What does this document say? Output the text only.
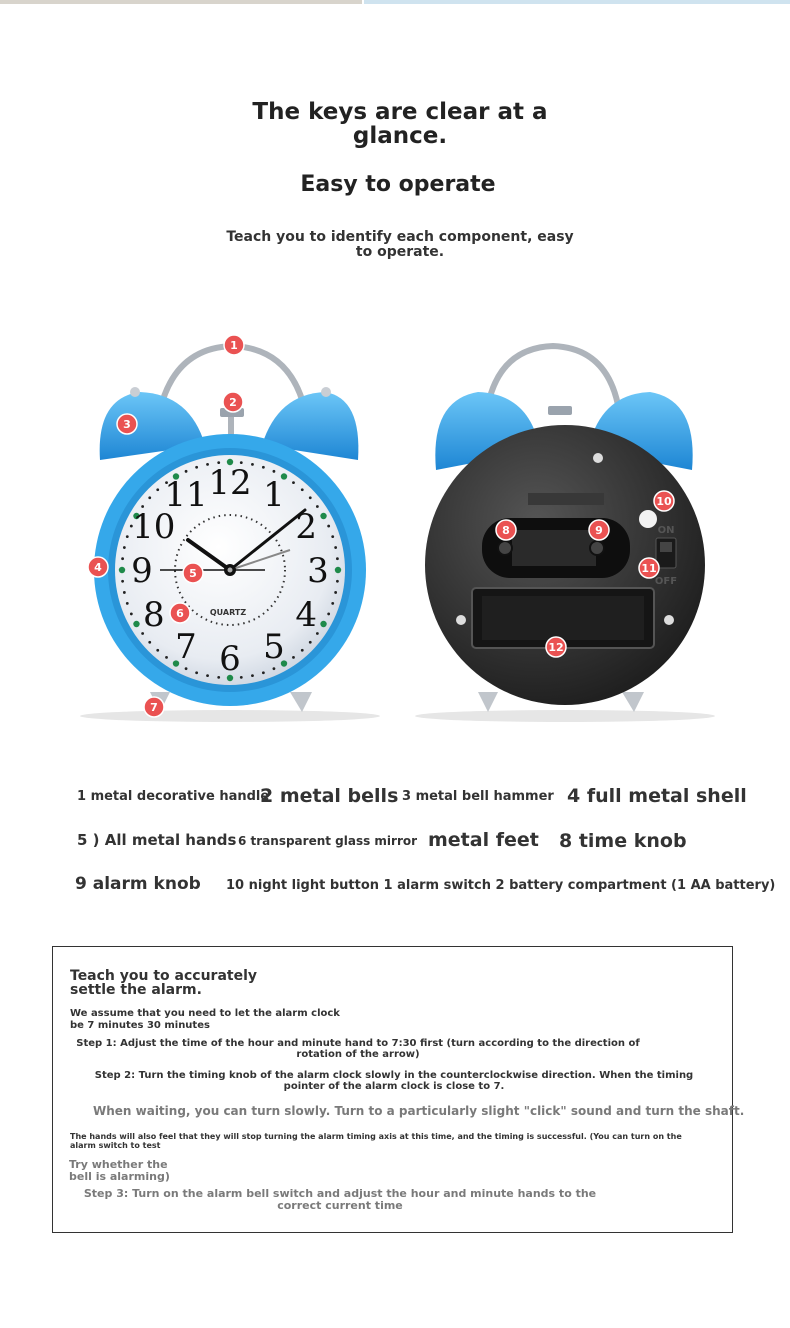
The keys are clear at a glance.
Easy to operate
Teach you to identify each component, easy to operate.
12 1
2
3
4
5
6
7
8
9
10
11
QUARTZ
ON
OFF
1
2
3
4	5
6
7
8	9
10
11
12
1 metal decorative handle
2 metal bells 3 metal bell hammer 4 full metal shell
5 ) All metal hands 6 transparent glass mirror metal feet 8 time knob
9 alarm knob 10 night light button 1 alarm switch 2 battery compartment (1 AA battery)
Teach you to accurately settle the alarm.
We assume that you need to let the alarm clock be 7 minutes 30 minutes
Step 1: Adjust the time of the hour and minute hand to 7:30 first (turn according to the direction of rotation of the arrow)
Step 2: Turn the timing knob of the alarm clock slowly in the counterclockwise direction. When the timing pointer of the alarm clock is close to 7.
When waiting, you can turn slowly. Turn to a particularly slight "click" sound and turn the shaft.
The hands will also feel that they will stop turning the alarm timing axis at this time, and the timing is successful. (You can turn on the alarm switch to test
Try whether the bell is alarming)
Step 3: Turn on the alarm bell switch and adjust the hour and minute hands to the correct current time
